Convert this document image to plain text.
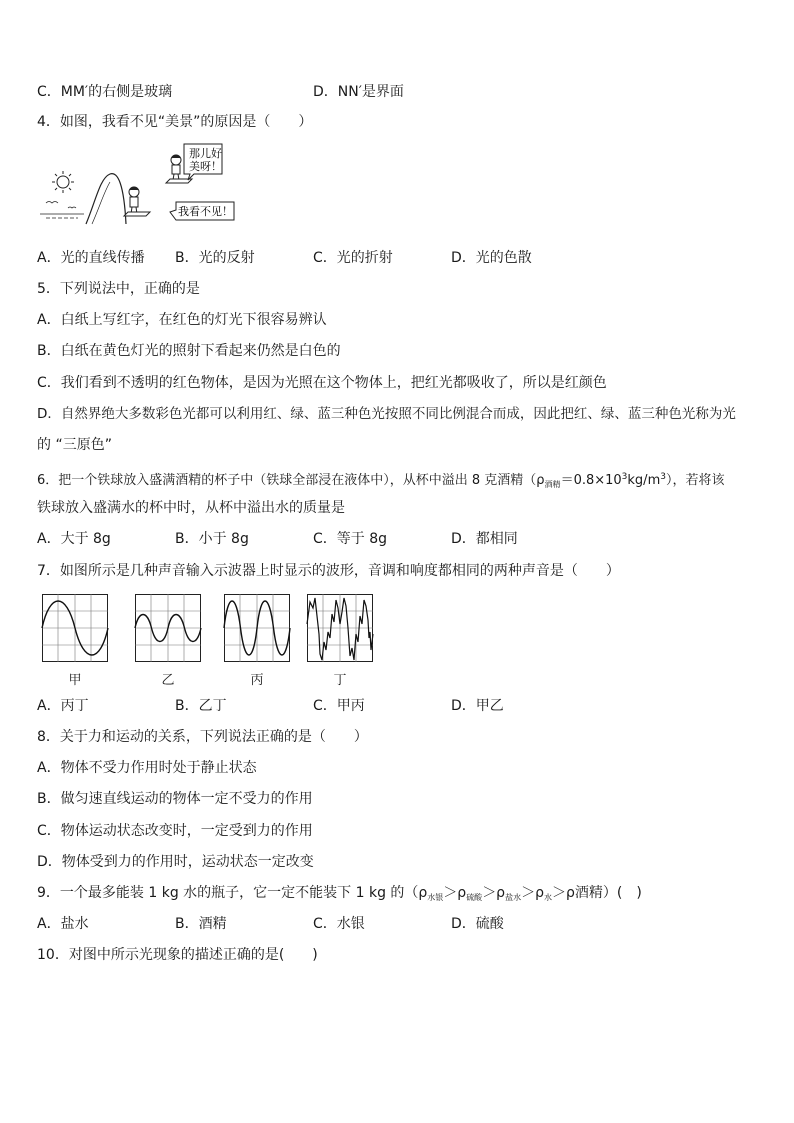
C．MM′的右侧是玻璃	D．NN′是界面
4．如图，我看不见“美景”的原因是（　　）
那儿好
美呀！
我看不见！
A．光的直线传播 B．光的反射	C．光的折射	D．光的色散
5．下列说法中，正确的是
A．白纸上写红字，在红色的灯光下很容易辨认
B．白纸在黄色灯光的照射下看起来仍然是白色的
C．我们看到不透明的红色物体，是因为光照在这个物体上，把红光都吸收了，所以是红颜色
D．自然界绝大多数彩色光都可以利用红、绿、蓝三种色光按照不同比例混合而成，因此把红、绿、蓝三种色光称为光
的 “三原色”
6．把一个铁球放入盛满酒精的杯子中（铁球全部浸在液体中），从杯中溢出 8 克酒精$(\rho_{酒精}=0.8\times 10^3kg/m^3)$，若将该
铁球放入盛满水的杯中时，从杯中溢出水的质量是
A．大于 8g	B．小于 8g	C．等于 8g	D．都相同
7．如图所示是几种声音输入示波器上时显示的波形，音调和响度都相同的两种声音是（　　）
甲	乙	丙	丁
A．丙丁	B．乙丁	C．甲丙	D．甲乙
8．关于力和运动的关系，下列说法正确的是（　　）
A．物体不受力作用时处于静止状态
B．做匀速直线运动的物体一定不受力的作用
C．物体运动状态改变时，一定受到力的作用
D．物体受到力的作用时，运动状态一定改变
9．一个最多能装 1 kg 水的瓶子，它一定不能装下 1 kg 的（$\rho_{水银}>\rho_{硫酸}>\rho_{盐水}>\rho_水>\rho$酒精）(　)
A．盐水	B．酒精	C．水银	D．硫酸
10．对图中所示光现象的描述正确的是(　　)
